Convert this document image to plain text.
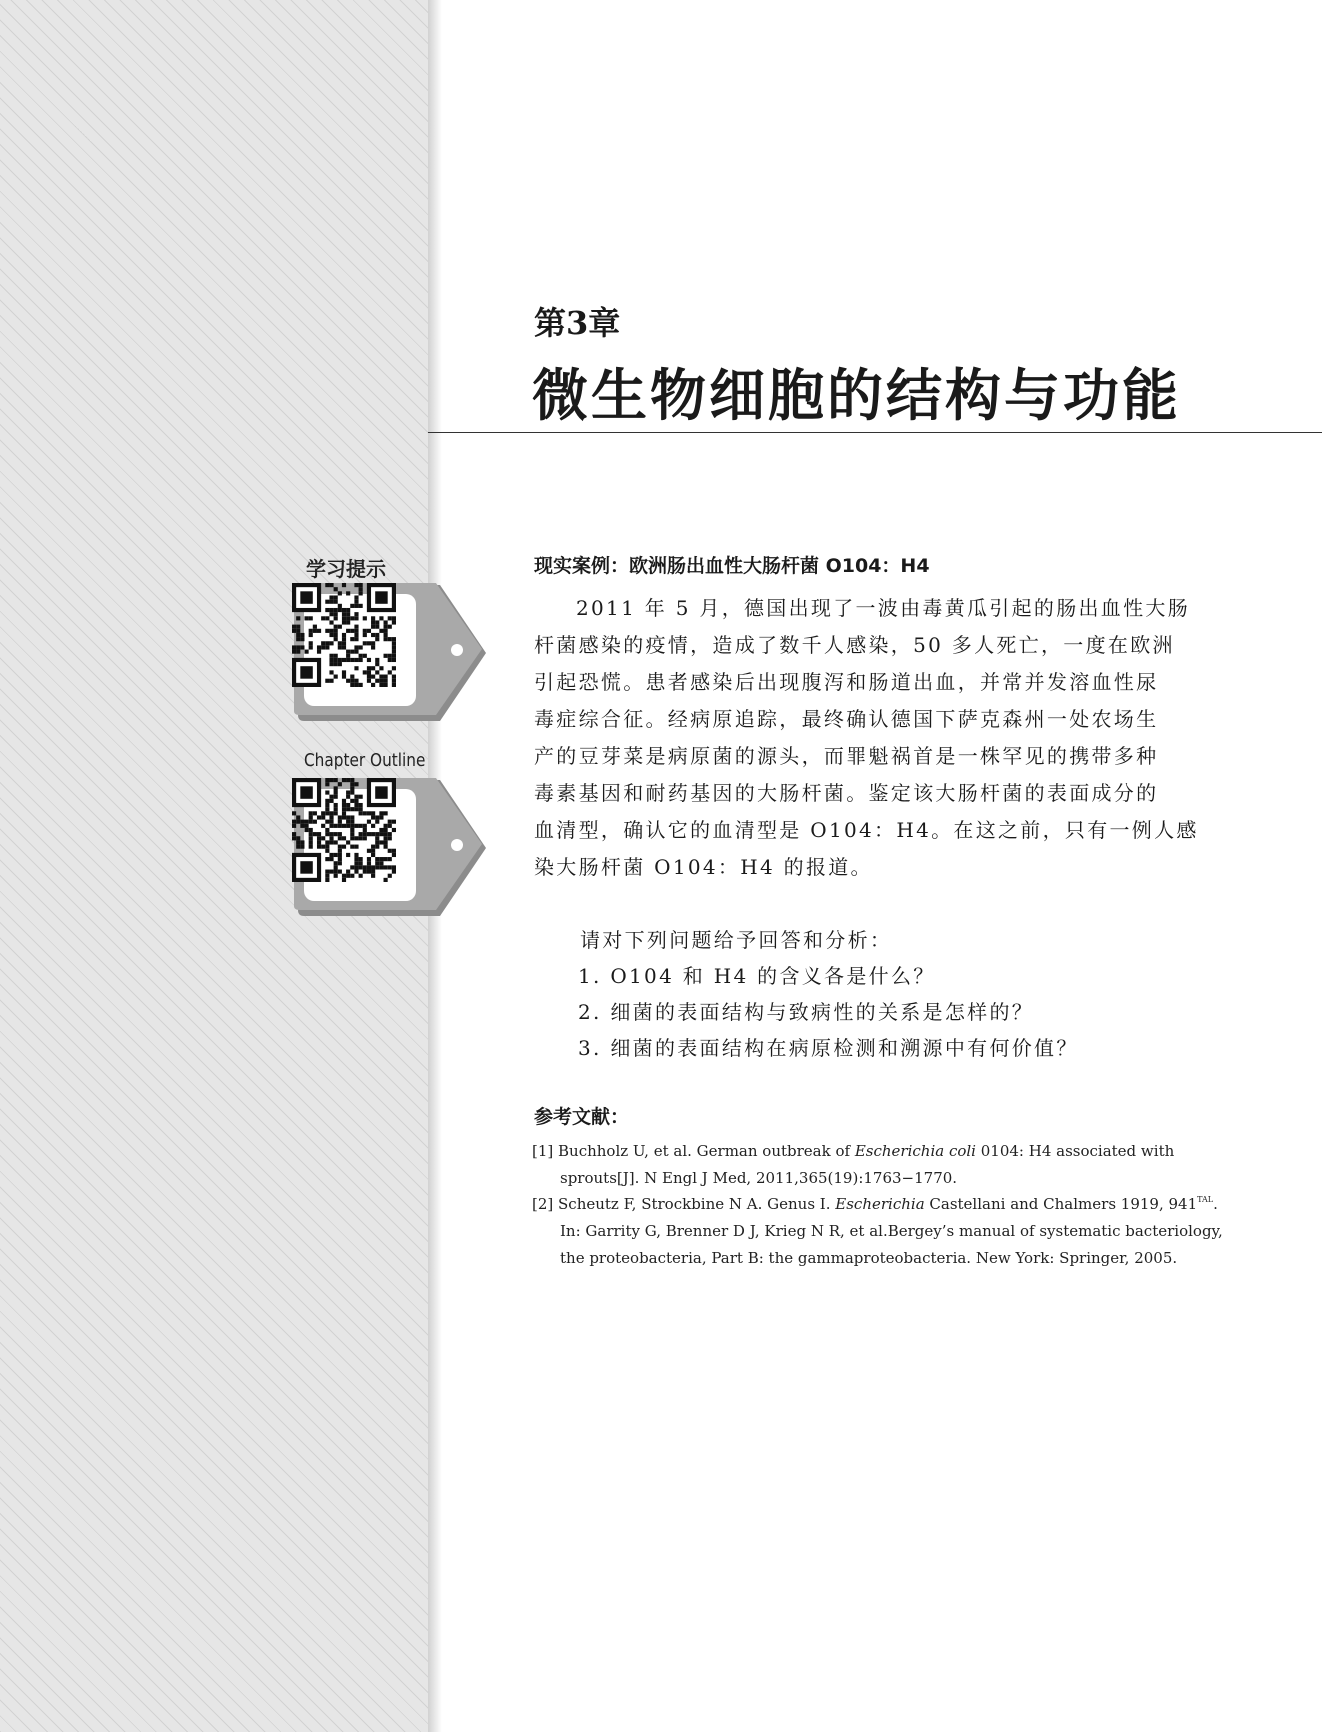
学习提示
Chapter Outline
第3章
微生物细胞的结构与功能
现实案例：欧洲肠出血性大肠杆菌 O104：H4
2011 年 5 月，德国出现了一波由毒黄瓜引起的肠出血性大肠
杆菌感染的疫情，造成了数千人感染，50 多人死亡，一度在欧洲
引起恐慌。患者感染后出现腹泻和肠道出血，并常并发溶血性尿
毒症综合征。经病原追踪，最终确认德国下萨克森州一处农场生
产的豆芽菜是病原菌的源头，而罪魁祸首是一株罕见的携带多种
毒素基因和耐药基因的大肠杆菌。鉴定该大肠杆菌的表面成分的
血清型，确认它的血清型是 O104：H4。在这之前，只有一例人感
染大肠杆菌 O104：H4 的报道。
请对下列问题给予回答和分析：
1. O104 和 H4 的含义各是什么？
2. 细菌的表面结构与致病性的关系是怎样的？
3. 细菌的表面结构在病原检测和溯源中有何价值？
参考文献：
[1] Buchholz U, et al. German outbreak of Escherichia coli 0104: H4 associated with
sprouts[J]. N Engl J Med, 2011,365(19):1763−1770.
[2] Scheutz F, Strockbine N A. Genus I. Escherichia Castellani and Chalmers 1919, $941^{TAL}$.
In: Garrity G, Brenner D J, Krieg N R, et al.Bergey’s manual of systematic bacteriology,
the proteobacteria, Part B: the gammaproteobacteria. New York: Springer, 2005.
